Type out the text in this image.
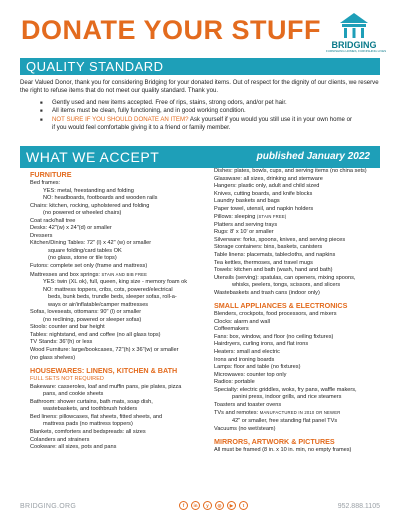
DONATE YOUR STUFF BRIDGING
FURNISHING HOMES, FURNISHING LIVES
QUALITY STANDARD
Dear Valued Donor, thank you for considering Bridging for your donated items. Out of respect for the dignity of our clients, we reserve the right to refuse items that do not meet our quality standard. Thank you.
■ Gently used and new items accepted. Free of rips, stains, strong odors, and/or pet hair.
■ All items must be clean, fully functioning, and in good working condition.
■ NOT SURE IF YOU SHOULD DONATE AN ITEM? Ask yourself if you would you still use it in your own home or
if you would feel comfortable giving it to a friend or family member.
WHAT WE ACCEPT	published January 2022
FURNITURE
Bed frames:
YES: metal, freestanding and folding
NO: headboards, footboards and wooden rails
Chairs: kitchen, rocking, upholstered and folding
(no powered or wheeled chairs)
Coat rack/hall tree
Desks: 42"(w) x 24"(d) or smaller
Dressers
Kitchen/Dining Tables: 72" (l) x 42" (w) or smaller
square folding/card tables OK
(no glass, stone or tile tops)
Futons: complete set only (frame and mattress)
Mattresses and box springs: STAIN AND BIB FREE
YES: twin (XL ok), full, queen, king size - memory foam ok
NO: mattress toppers, cribs, cots, powered/electrical
beds, bunk beds, trundle beds, sleeper sofas, roll-a-
ways or air/inflatable/camper mattresses
Sofas, loveseats, ottomans: 90" (l) or smaller
(no reclining, powered or sleeper sofas)
Stools: counter and bar height
Tables: nightstand, end and coffee (no all glass tops)
TV Stands: 36"(h) or less
Wood Furniture: large/bookcases, 72"(h) x 36"(w) or smaller
(no glass shelves)
HOUSEWARES: LINENS, KITCHEN & BATH
FULL SETS NOT REQUIRED
Bakeware: casseroles, loaf and muffin pans, pie plates, pizza
pans, and cookie sheets
Bathroom: shower curtains, bath mats, soap dish,
wastebaskets, and toothbrush holders
Bed linens: pillowcases, flat sheets, fitted sheets, and
mattress pads (no mattress toppers)
Blankets, comforters and bedspreads: all sizes
Colanders and strainers
Cookware: all sizes, pots and pans
Dishes: plates, bowls, cups, and serving items (no china sets)
Glassware: all sizes, drinking and stemware
Hangers: plastic only, adult and child sized
Knives, cutting boards, and knife blocks
Laundry baskets and bags
Paper towel, utensil, and napkin holders
Pillows: sleeping (STAIN FREE)
Platters and serving trays
Rugs: 8' x 10' or smaller
Silverware: forks, spoons, knives, and serving pieces
Storage containers: bins, baskets, canisters
Table linens: placemats, tablecloths, and napkins
Tea kettles, thermoses, and travel mugs
Towels: kitchen and bath (wash, hand and bath)
Utensils (serving): spatulas, can openers, mixing spoons,
whisks, peelers, tongs, scissors, and slicers
Wastebaskets and trash cans (indoor only)
SMALL APPLIANCES & ELECTRONICS
Blenders, crockpots, food processors, and mixers
Clocks: alarm and wall
Coffeemakers
Fans: box, window, and floor (no ceiling fixtures)
Hairdryers, curling irons, and flat irons
Heaters: small and electric
Irons and ironing boards
Lamps: floor and table (no fixtures)
Microwaves: counter top only
Radios: portable
Specialty: electric griddles, woks, fry pans, waffle makers,
panini press, indoor grills, and rice steamers
Toasters and toaster ovens
TVs and remotes: MANUFACTURED IN 2010 OR NEWER
42" or smaller, free standing flat panel TVs
Vacuums (no wet/steam)
MIRRORS, ARTWORK & PICTURES
All must be framed (8 in. x 10 in. min, no empty frames)
BRIDGING.ORG	f	in	y	◎	▶	t	952.888.1105
